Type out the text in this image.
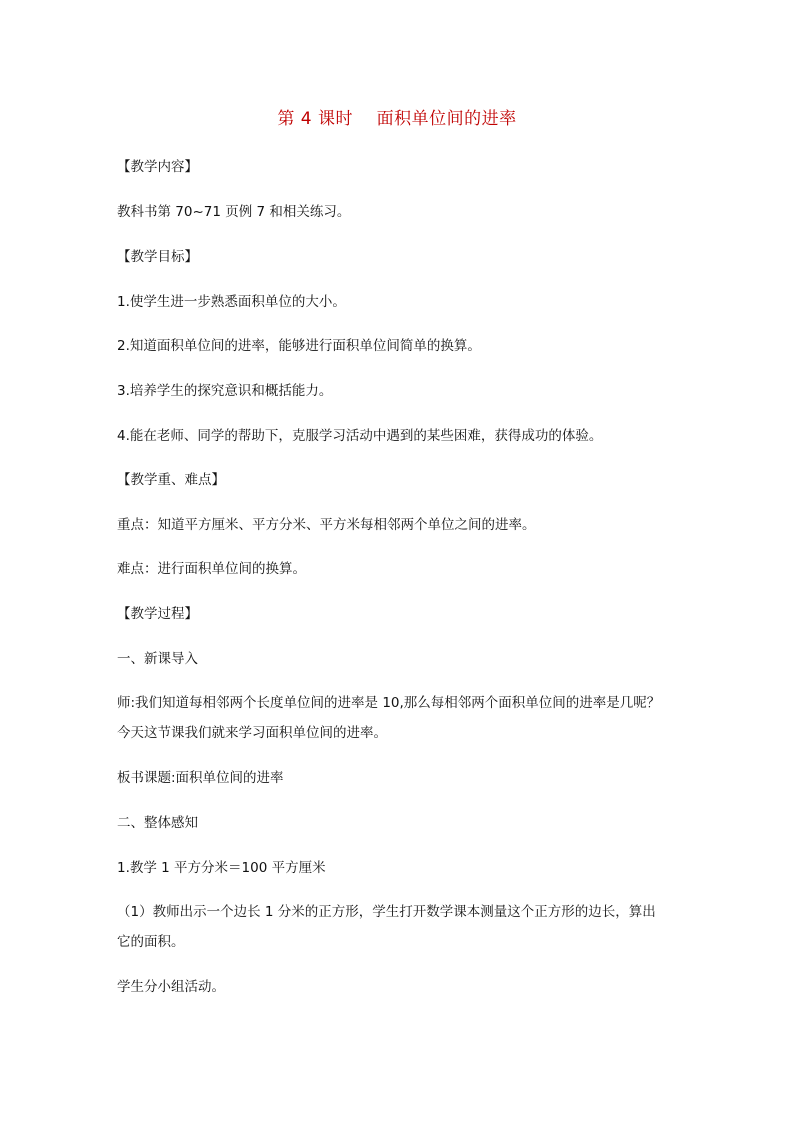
第 4 课时    面积单位间的进率
【教学内容】
教科书第 70~71 页例 7 和相关练习。
【教学目标】
1.使学生进一步熟悉面积单位的大小。
2.知道面积单位间的进率，能够进行面积单位间简单的换算。
3.培养学生的探究意识和概括能力。
4.能在老师、同学的帮助下，克服学习活动中遇到的某些困难，获得成功的体验。
【教学重、难点】
重点：知道平方厘米、平方分米、平方米每相邻两个单位之间的进率。
难点：进行面积单位间的换算。
【教学过程】
一、新课导入
师:我们知道每相邻两个长度单位间的进率是 10,那么每相邻两个面积单位间的进率是几呢？
今天这节课我们就来学习面积单位间的进率。
板书课题:面积单位间的进率
二、整体感知
1.教学 1 平方分米＝100 平方厘米
（1）教师出示一个边长 1 分米的正方形，学生打开数学课本测量这个正方形的边长，算出
它的面积。
学生分小组活动。
